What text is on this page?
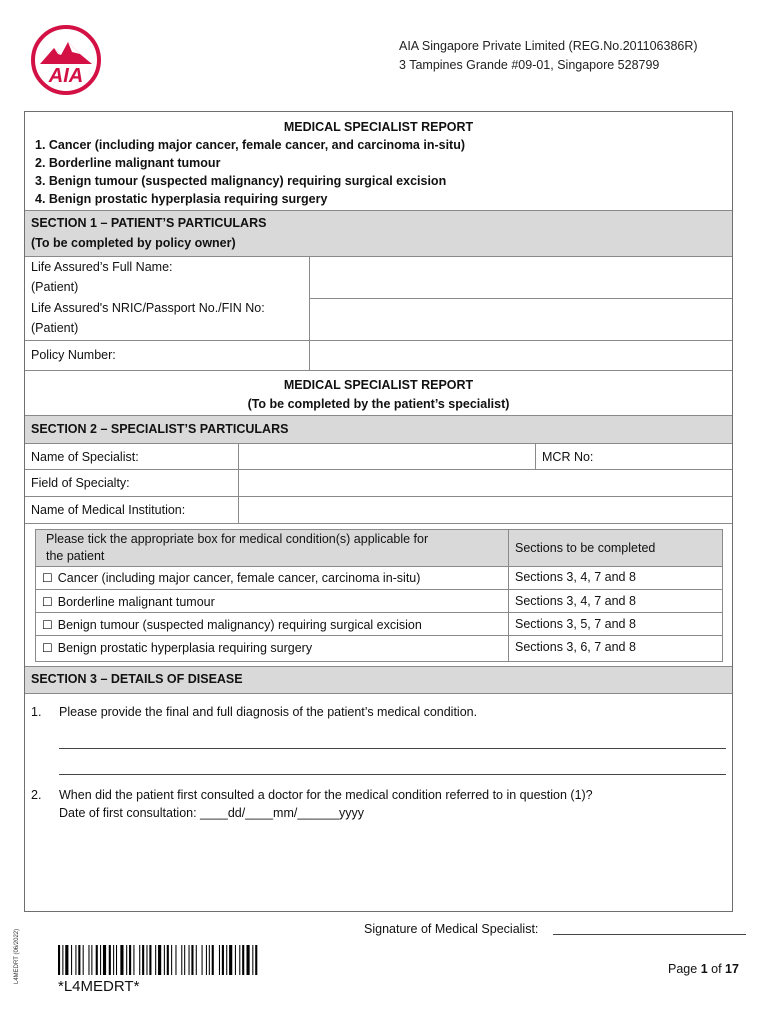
AIA
AIA Singapore Private Limited (REG.No.201106386R)
3 Tampines Grande #09-01, Singapore 528799
MEDICAL SPECIALIST REPORT
1. Cancer (including major cancer, female cancer, and carcinoma in-situ)
2. Borderline malignant tumour
3. Benign tumour (suspected malignancy) requiring surgical excision
4. Benign prostatic hyperplasia requiring surgery
SECTION 1 – PATIENT’S PARTICULARS
(To be completed by policy owner)
Life Assured’s Full Name:
(Patient)
Life Assured's NRIC/Passport No./FIN No:
(Patient)
Policy Number:
MEDICAL SPECIALIST REPORT
(To be completed by the patient’s specialist)
SECTION 2 – SPECIALIST’S PARTICULARS
Name of Specialist:	MCR No:
Field of Specialty:
Name of Medical Institution:
Please tick the appropriate box for medical condition(s) applicable for
the patient
Sections to be completed
☐ Cancer (including major cancer, female cancer, carcinoma in-situ)	Sections 3, 4, 7 and 8
☐ Borderline malignant tumour	Sections 3, 4, 7 and 8
☐ Benign tumour (suspected malignancy) requiring surgical excision	Sections 3, 5, 7 and 8
☐ Benign prostatic hyperplasia requiring surgery	Sections 3, 6, 7 and 8
SECTION 3 – DETAILS OF DISEASE
1. Please provide the final and full diagnosis of the patient’s medical condition.
2. When did the patient first consulted a doctor for the medical condition referred to in question (1)?
Date of first consultation: ____dd/____mm/______yyyy
Signature of Medical Specialist:
L4MEDRT (06/2022)
*L4MEDRT*
Page 1 of 17
